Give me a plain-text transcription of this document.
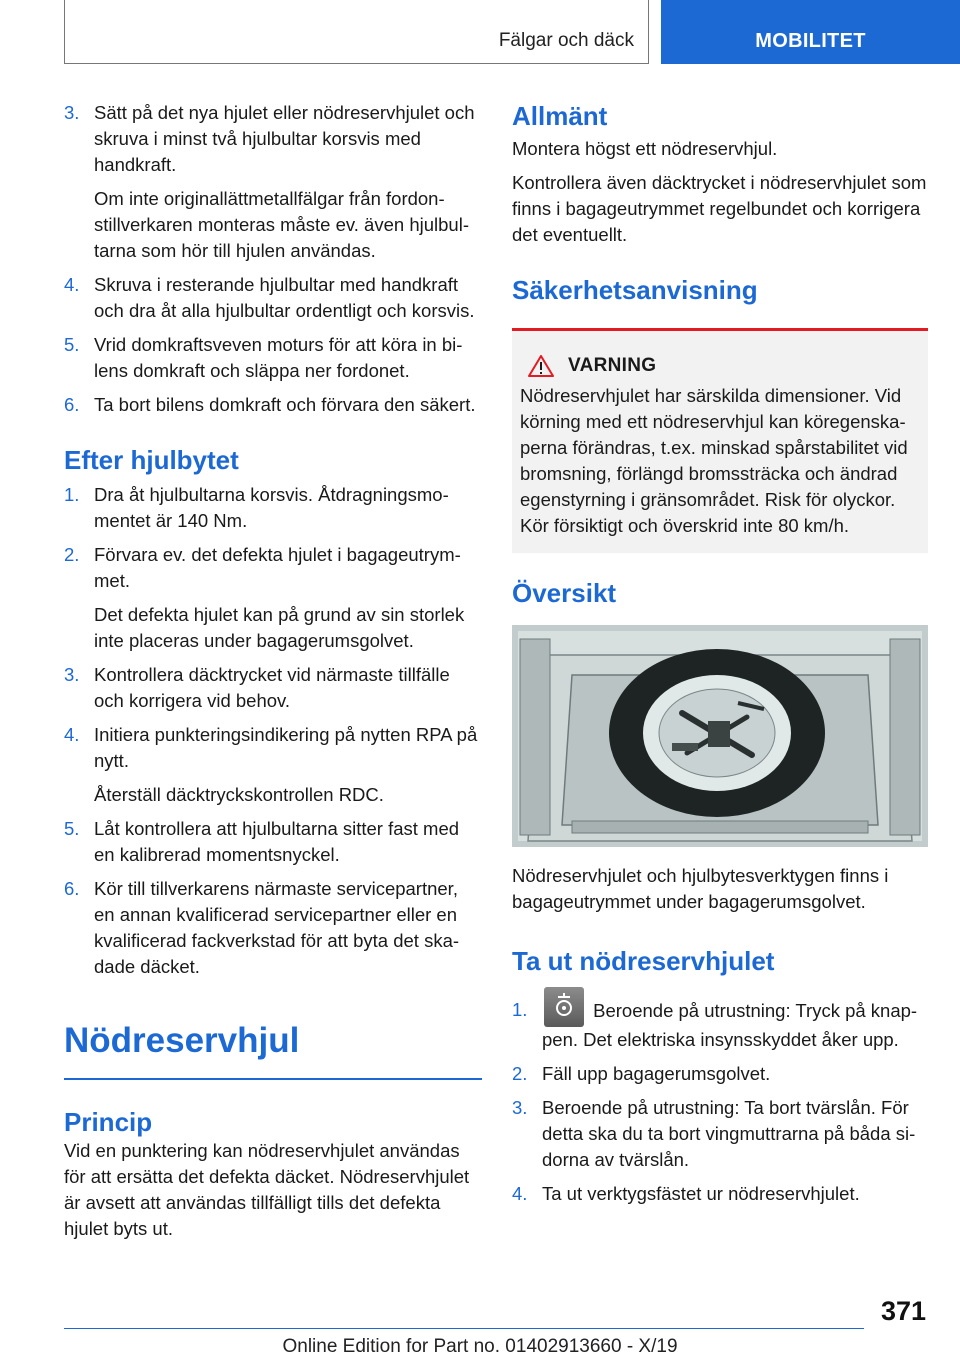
Fälgar och däck	MOBILITET
3. Sätt på det nya hjulet eller nödreservhjulet och skruva i minst två hjulbultar korsvis med handkraft.

Om inte originallättmetallfälgar från fordonstillverkaren monteras måste ev. även hjulbultarna som hör till hjulen användas.

4. Skruva i resterande hjulbultar med handkraft och dra åt alla hjulbultar ordentligt och korsvis.

5. Vrid domkraftsveven moturs för att köra in bilens domkraft och släppa ner fordonet.

6. Ta bort bilens domkraft och förvara den säkert.

Efter hjulbytet
1. Dra åt hjulbultarna korsvis. Åtdragningsmomentet är 140 Nm.

2. Förvara ev. det defekta hjulet i bagageutrymmet.

Det defekta hjulet kan på grund av sin storlek inte placeras under bagagerumsgolvet.

3. Kontrollera däcktrycket vid närmaste tillfälle och korrigera vid behov.

4. Initiera punkteringsindikering på nytten RPA på nytt.

Återställ däcktryckskontrollen RDC.

5. Låt kontrollera att hjulbultarna sitter fast med en kalibrerad momentsnyckel.

6. Kör till tillverkarens närmaste servicepartner, en annan kvalificerad servicepartner eller en kvalificerad fackverkstad för att byta det skadade däcket.

Nödreservhjul
Princip

Vid en punktering kan nödreservhjulet användas för att ersätta det defekta däcket. Nödreservhjulet är avsett att användas tillfälligt tills det defekta hjulet byts ut.

Allmänt

Montera högst ett nödreservhjul.

Kontrollera även däcktrycket i nödreservhjulet som finns i bagageutrymmet regelbundet och korrigera det eventuellt.

Säkerhetsanvisning
VARNING

Nödreservhjulet har särskilda dimensioner. Vid körning med ett nödreservhjul kan köregenskaperna förändras, t.ex. minskad spårstabilitet vid bromsning, förlängd bromssträcka och ändrad egenstyrning i gränsområdet. Risk för olyckor. Kör försiktigt och överskrid inte 80 km/h.

Översikt

Nödreservhjulet och hjulbytesverktygen finns i bagageutrymmet under bagagerumsgolvet.

Ta ut nödreservhjulet
1.	Beroende på utrustning: Tryck på knappen. Det elektriska insynsskyddet åker upp.
2. Fäll upp bagagerumsgolvet.

3. Beroende på utrustning: Ta bort tvärslån. För detta ska du ta bort vingmuttrarna på båda sidorna av tvärslån.

4. Ta ut verktygsfästet ur nödreservhjulet.

371
Online Edition for Part no. 01402913660 - X/19
